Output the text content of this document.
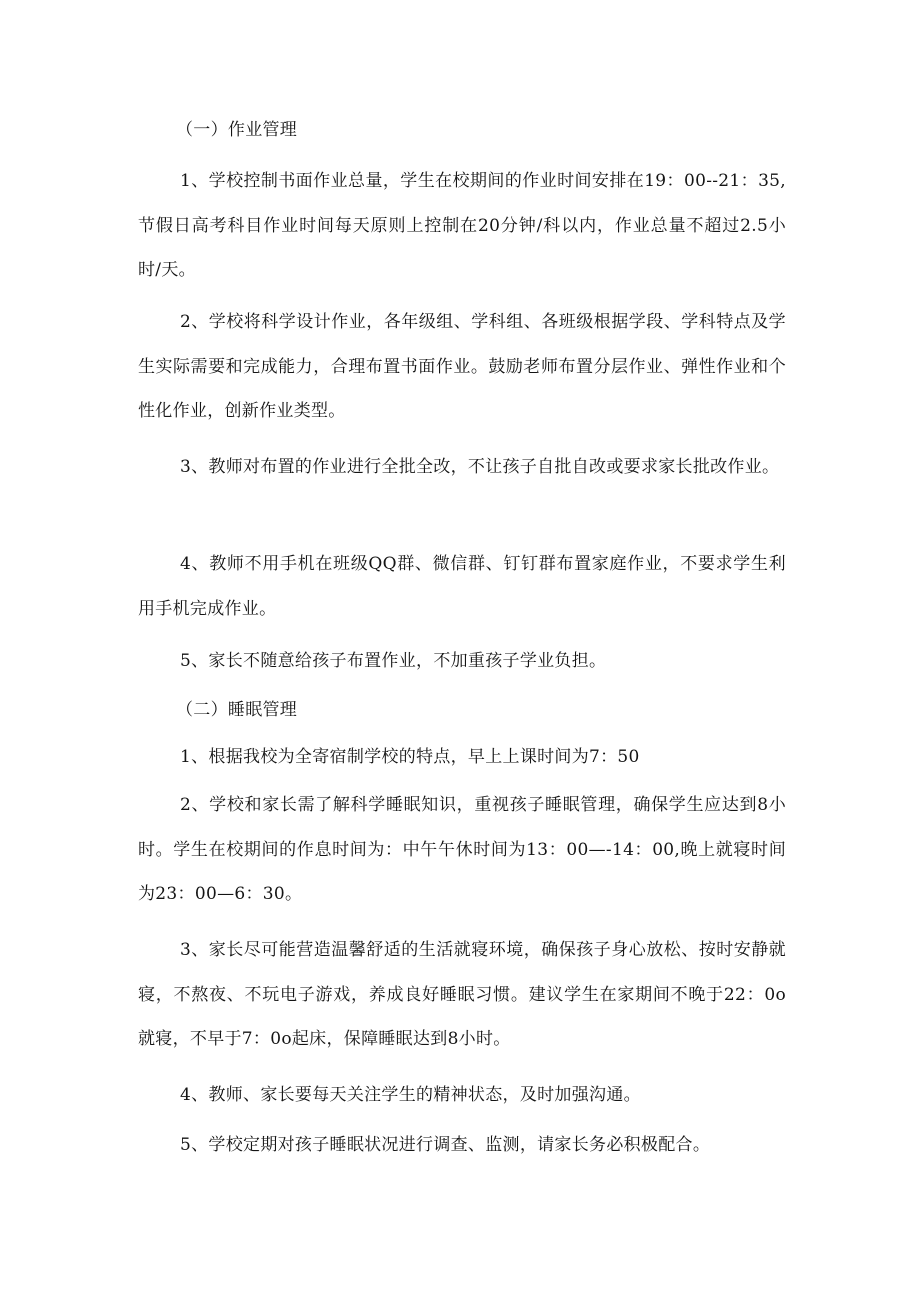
（一）作业管理

1、学校控制书面作业总量，学生在校期间的作业时间安排在19：00--21：35,节假日高考科目作业时间每天原则上控制在20分钟/科以内，作业总量不超过2.5小时/天。

2、学校将科学设计作业，各年级组、学科组、各班级根据学段、学科特点及学生实际需要和完成能力，合理布置书面作业。鼓励老师布置分层作业、弹性作业和个性化作业，创新作业类型。

3、教师对布置的作业进行全批全改，不让孩子自批自改或要求家长批改作业。

4、教师不用手机在班级QQ群、微信群、钉钉群布置家庭作业，不要求学生利用手机完成作业。

5、家长不随意给孩子布置作业，不加重孩子学业负担。

（二）睡眠管理

1、根据我校为全寄宿制学校的特点，早上上课时间为7：50

2、学校和家长需了解科学睡眠知识，重视孩子睡眠管理，确保学生应达到8小时。学生在校期间的作息时间为：中午午休时间为13：00—-14：00,晚上就寝时间为23：00—6：30。

3、家长尽可能营造温馨舒适的生活就寝环境，确保孩子身心放松、按时安静就寝，不熬夜、不玩电子游戏，养成良好睡眠习惯。建议学生在家期间不晚于22：0o就寝，不早于7：0o起床，保障睡眠达到8小时。

4、教师、家长要每天关注学生的精神状态，及时加强沟通。

5、学校定期对孩子睡眠状况进行调查、监测，请家长务必积极配合。
